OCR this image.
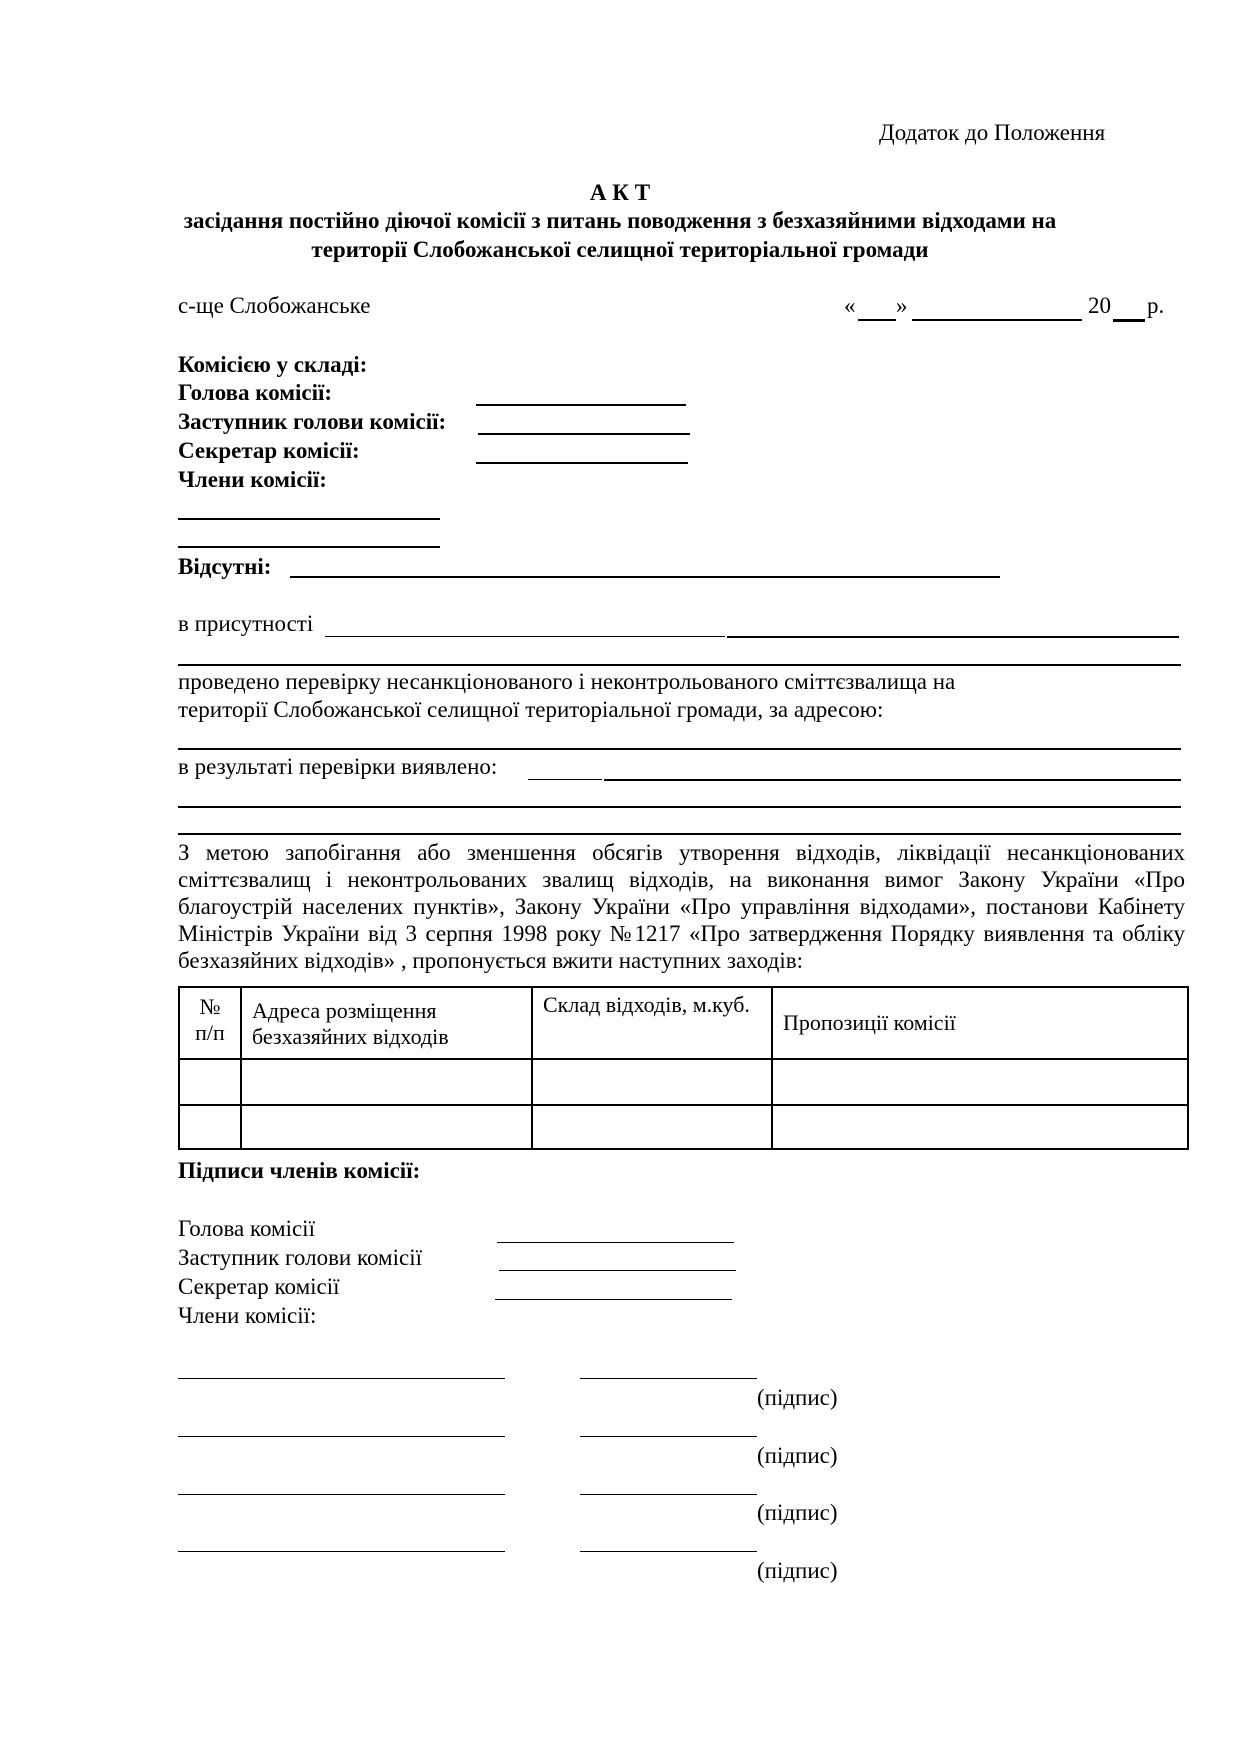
Додаток до Положення
А К Т
засідання постійно діючої комісії з питань поводження з безхазяйними відходами на
території Слобожанської селищної територіальної громади
с-ще Слобожанське	« »	20 р.
Комісією у складі:
Голова комісії:
Заступник голови комісії:
Секретар комісії:
Члени комісії:
Відсутні:
в присутності
проведено перевірку несанкціонованого і неконтрольованого сміттєзвалища на
території Слобожанської селищної територіальної громади, за адресою:
в результаті перевірки виявлено:
З метою запобігання або зменшення обсягів утворення відходів, ліквідації несанкціонованих сміттєзвалищ і неконтрольованих звалищ відходів, на виконання вимог Закону України «Про благоустрій населених пунктів», Закону України «Про управління відходами», постанови Кабінету Міністрів України від 3 серпня 1998 року №1217 «Про затвердження Порядку виявлення та обліку безхазяйних відходів» , пропонується вжити наступних заходів:
№ п/п	Адреса розміщення безхазяйних відходів	Склад відходів, м.куб.	Пропозиції комісії

Підписи членів комісії:
Голова комісії
Заступник голови комісії
Секретар комісії
Члени комісії:
(підпис)
(підпис)
(підпис)
(підпис)
